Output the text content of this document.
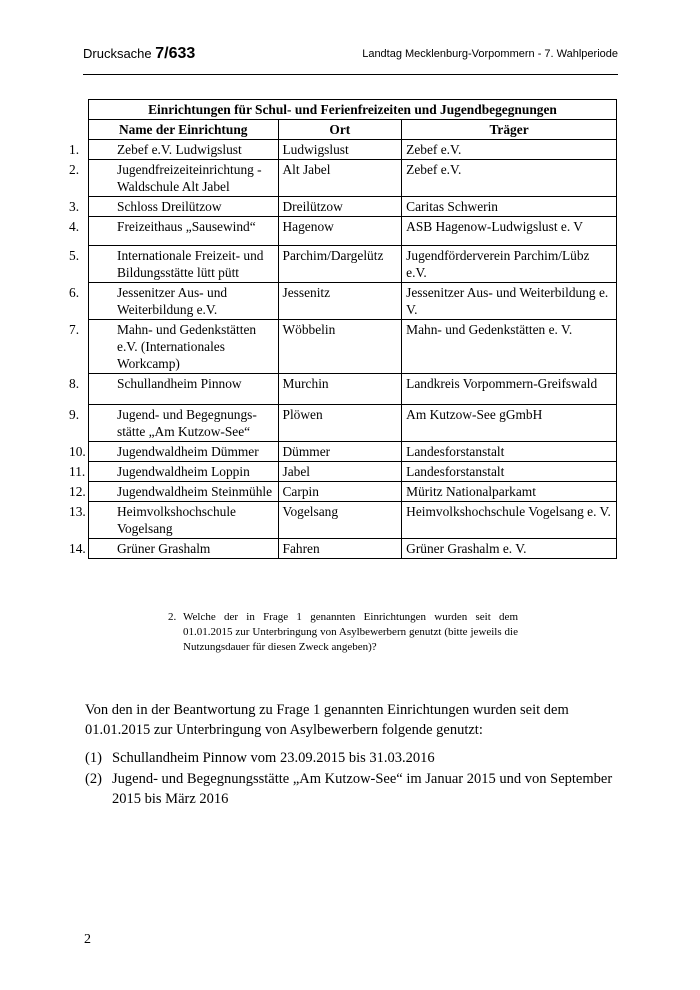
Drucksache 7/633	Landtag Mecklenburg-Vorpommern - 7. Wahlperiode
Einrichtungen für Schul- und Ferienfreizeiten und Jugendbegegnungen		
Name der Einrichtung	Ort	Träger
1. Zebef e.V. Ludwigslust	Ludwigslust	Zebef e.V.
2. Jugendfreizeiteinrichtung - Waldschule Alt Jabel	Alt Jabel	Zebef e.V.
3. Schloss Dreilützow	Dreilützow	Caritas Schwerin
4. Freizeithaus „Sausewind“	Hagenow	ASB Hagenow-Ludwigslust e. V
5. Internationale Freizeit- und Bildungsstätte lütt pütt	Parchim/Dargelütz	Jugendförderverein Parchim/Lübz e.V.
6. Jessenitzer Aus- und Weiterbildung e.V.	Jessenitz	Jessenitzer Aus- und Weiterbildung e. V.
7. Mahn- und Gedenkstätten e.V. (Internationales Workcamp)	Wöbbelin	Mahn- und Gedenkstätten e. V.
8. Schullandheim Pinnow	Murchin	Landkreis Vorpommern-Greifswald
9. Jugend- und Begegnungs-stätte „Am Kutzow-See“	Plöwen	Am Kutzow-See gGmbH
10. Jugendwaldheim Dümmer	Dümmer	Landesforstanstalt
11. Jugendwaldheim Loppin	Jabel	Landesforstanstalt
12. Jugendwaldheim Steinmühle	Carpin	Müritz Nationalparkamt
13. Heimvolkshochschule Vogelsang	Vogelsang	Heimvolkshochschule Vogelsang e. V.
14. Grüner Grashalm	Fahren	Grüner Grashalm e. V.
2. Welche der in Frage 1 genannten Einrichtungen wurden seit dem 01.01.2015 zur Unterbringung von Asylbewerbern genutzt (bitte jeweils die Nutzungsdauer für diesen Zweck angeben)?
Von den in der Beantwortung zu Frage 1 genannten Einrichtungen wurden seit dem 01.01.2015 zur Unterbringung von Asylbewerbern folgende genutzt:
(1) Schullandheim Pinnow vom 23.09.2015 bis 31.03.2016
(2) Jugend- und Begegnungsstätte „Am Kutzow-See“ im Januar 2015 und von September 2015 bis März 2016
2
